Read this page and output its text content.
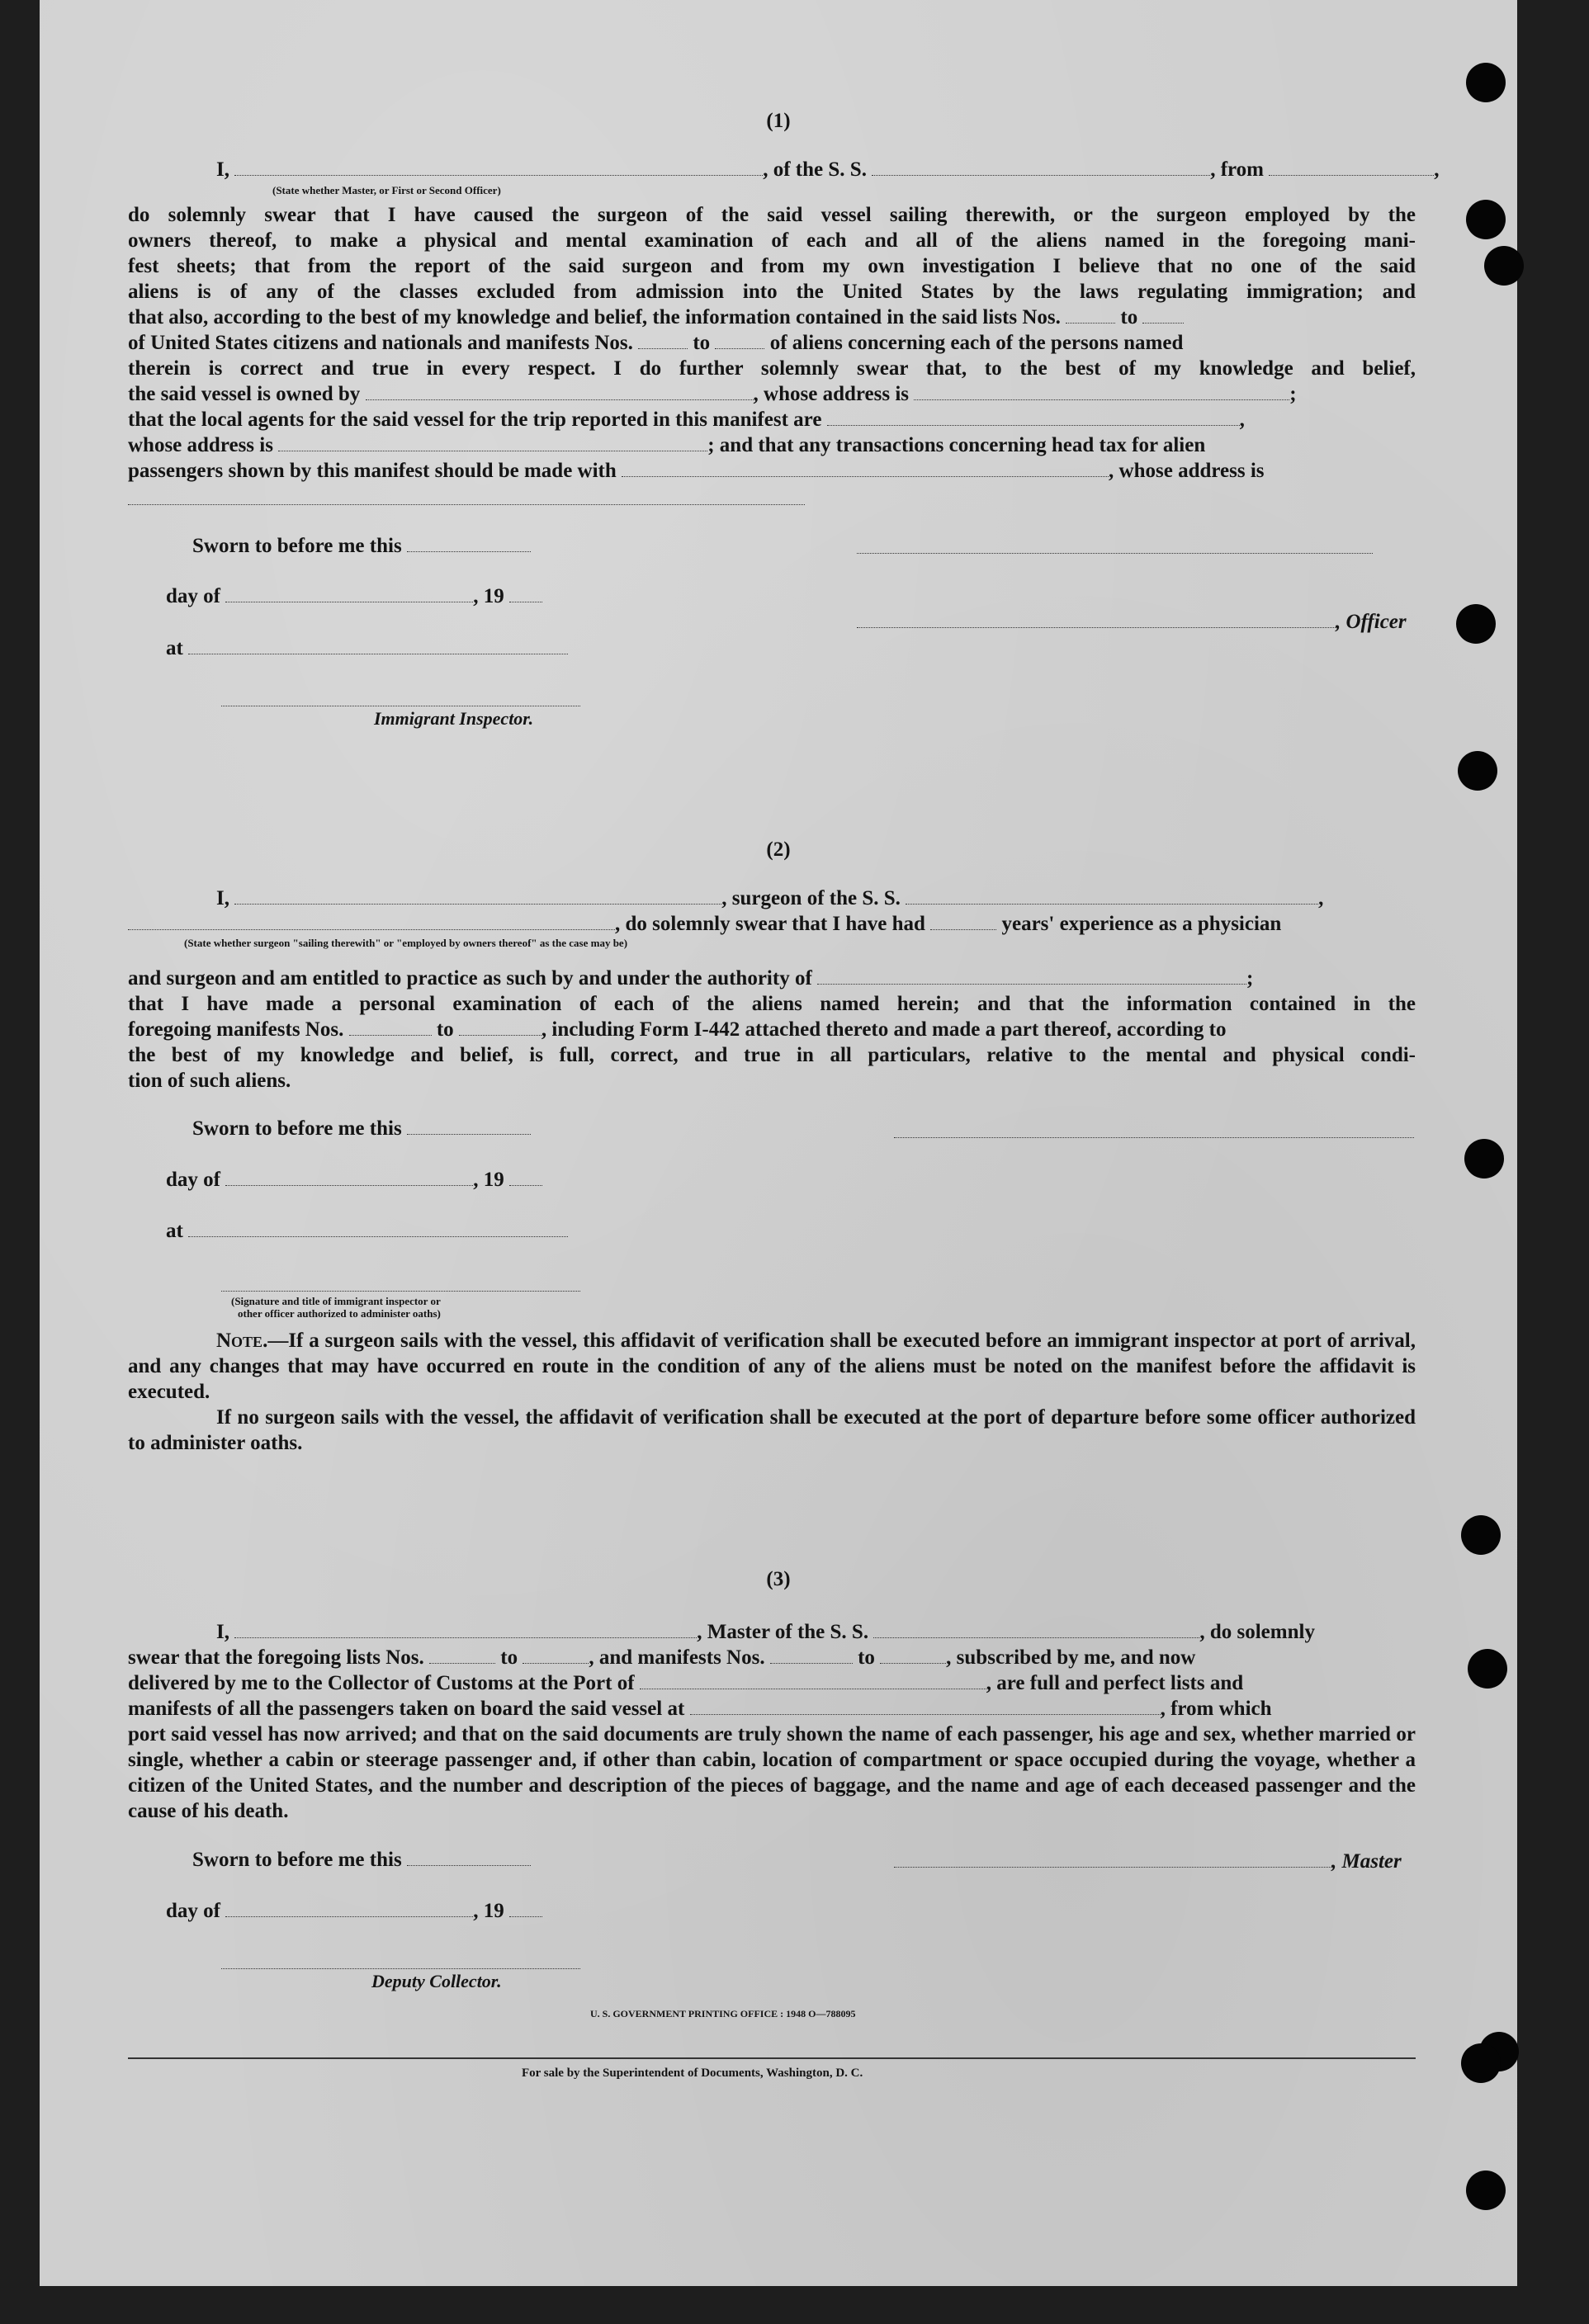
(1)
I,	, of the S. S.	, from	,
(State whether Master, or First or Second Officer)
do solemnly swear that I have caused the surgeon of the said vessel sailing therewith, or the surgeon employed by the
owners thereof, to make a physical and mental examination of each and all of the aliens named in the foregoing mani-
fest sheets; that from the report of the said surgeon and from my own investigation I believe that no one of the said
aliens is of any of the classes excluded from admission into the United States by the laws regulating immigration; and
that also, according to the best of my knowledge and belief, the information contained in the said lists Nos.	to
of United States citizens and nationals and manifests Nos.	to	of aliens concerning each of the persons named
therein is correct and true in every respect. I do further solemnly swear that, to the best of my knowledge and belief,
the said vessel is owned by	, whose address is	;
that the local agents for the said vessel for the trip reported in this manifest are	,
whose address is	; and that any transactions concerning head tax for alien
passengers shown by this manifest should be made with	, whose address is
Sworn to before me this
day of	, 19
, Officer
at
Immigrant Inspector.
(2)
I,	, surgeon of the S. S.	,
, do solemnly swear that I have had	years' experience as a physician
(State whether surgeon "sailing therewith" or "employed by owners thereof" as the case may be)
and surgeon and am entitled to practice as such by and under the authority of	;
that I have made a personal examination of each of the aliens named herein; and that the information contained in the
foregoing manifests Nos.	to	, including Form I-442 attached thereto and made a part thereof, according to
the best of my knowledge and belief, is full, correct, and true in all particulars, relative to the mental and physical condi-
tion of such aliens.
Sworn to before me this
day of	, 19
at
(Signature and title of immigrant inspector or
other officer authorized to administer oaths)
Note.—If a surgeon sails with the vessel, this affidavit of verification shall be executed before an immigrant inspector at port of arrival, and any changes that may have occurred en route in the condition of any of the aliens must be noted on the manifest before the affidavit is executed.
If no surgeon sails with the vessel, the affidavit of verification shall be executed at the port of departure before some officer authorized to administer oaths.
(3)
I,	, Master of the S. S.	, do solemnly
swear that the foregoing lists Nos.	to	, and manifests Nos.	to	, subscribed by me, and now
delivered by me to the Collector of Customs at the Port of	, are full and perfect lists and
manifests of all the passengers taken on board the said vessel at	, from which
port said vessel has now arrived; and that on the said documents are truly shown the name of each passenger, his age and sex, whether married or single, whether a cabin or steerage passenger and, if other than cabin, location of compartment or space occupied during the voyage, whether a citizen of the United States, and the number and description of the pieces of baggage, and the name and age of each deceased passenger and the cause of his death.
Sworn to before me this	, Master
day of	, 19
Deputy Collector.
U. S. GOVERNMENT PRINTING OFFICE : 1948 O—788095
For sale by the Superintendent of Documents, Washington, D. C.
